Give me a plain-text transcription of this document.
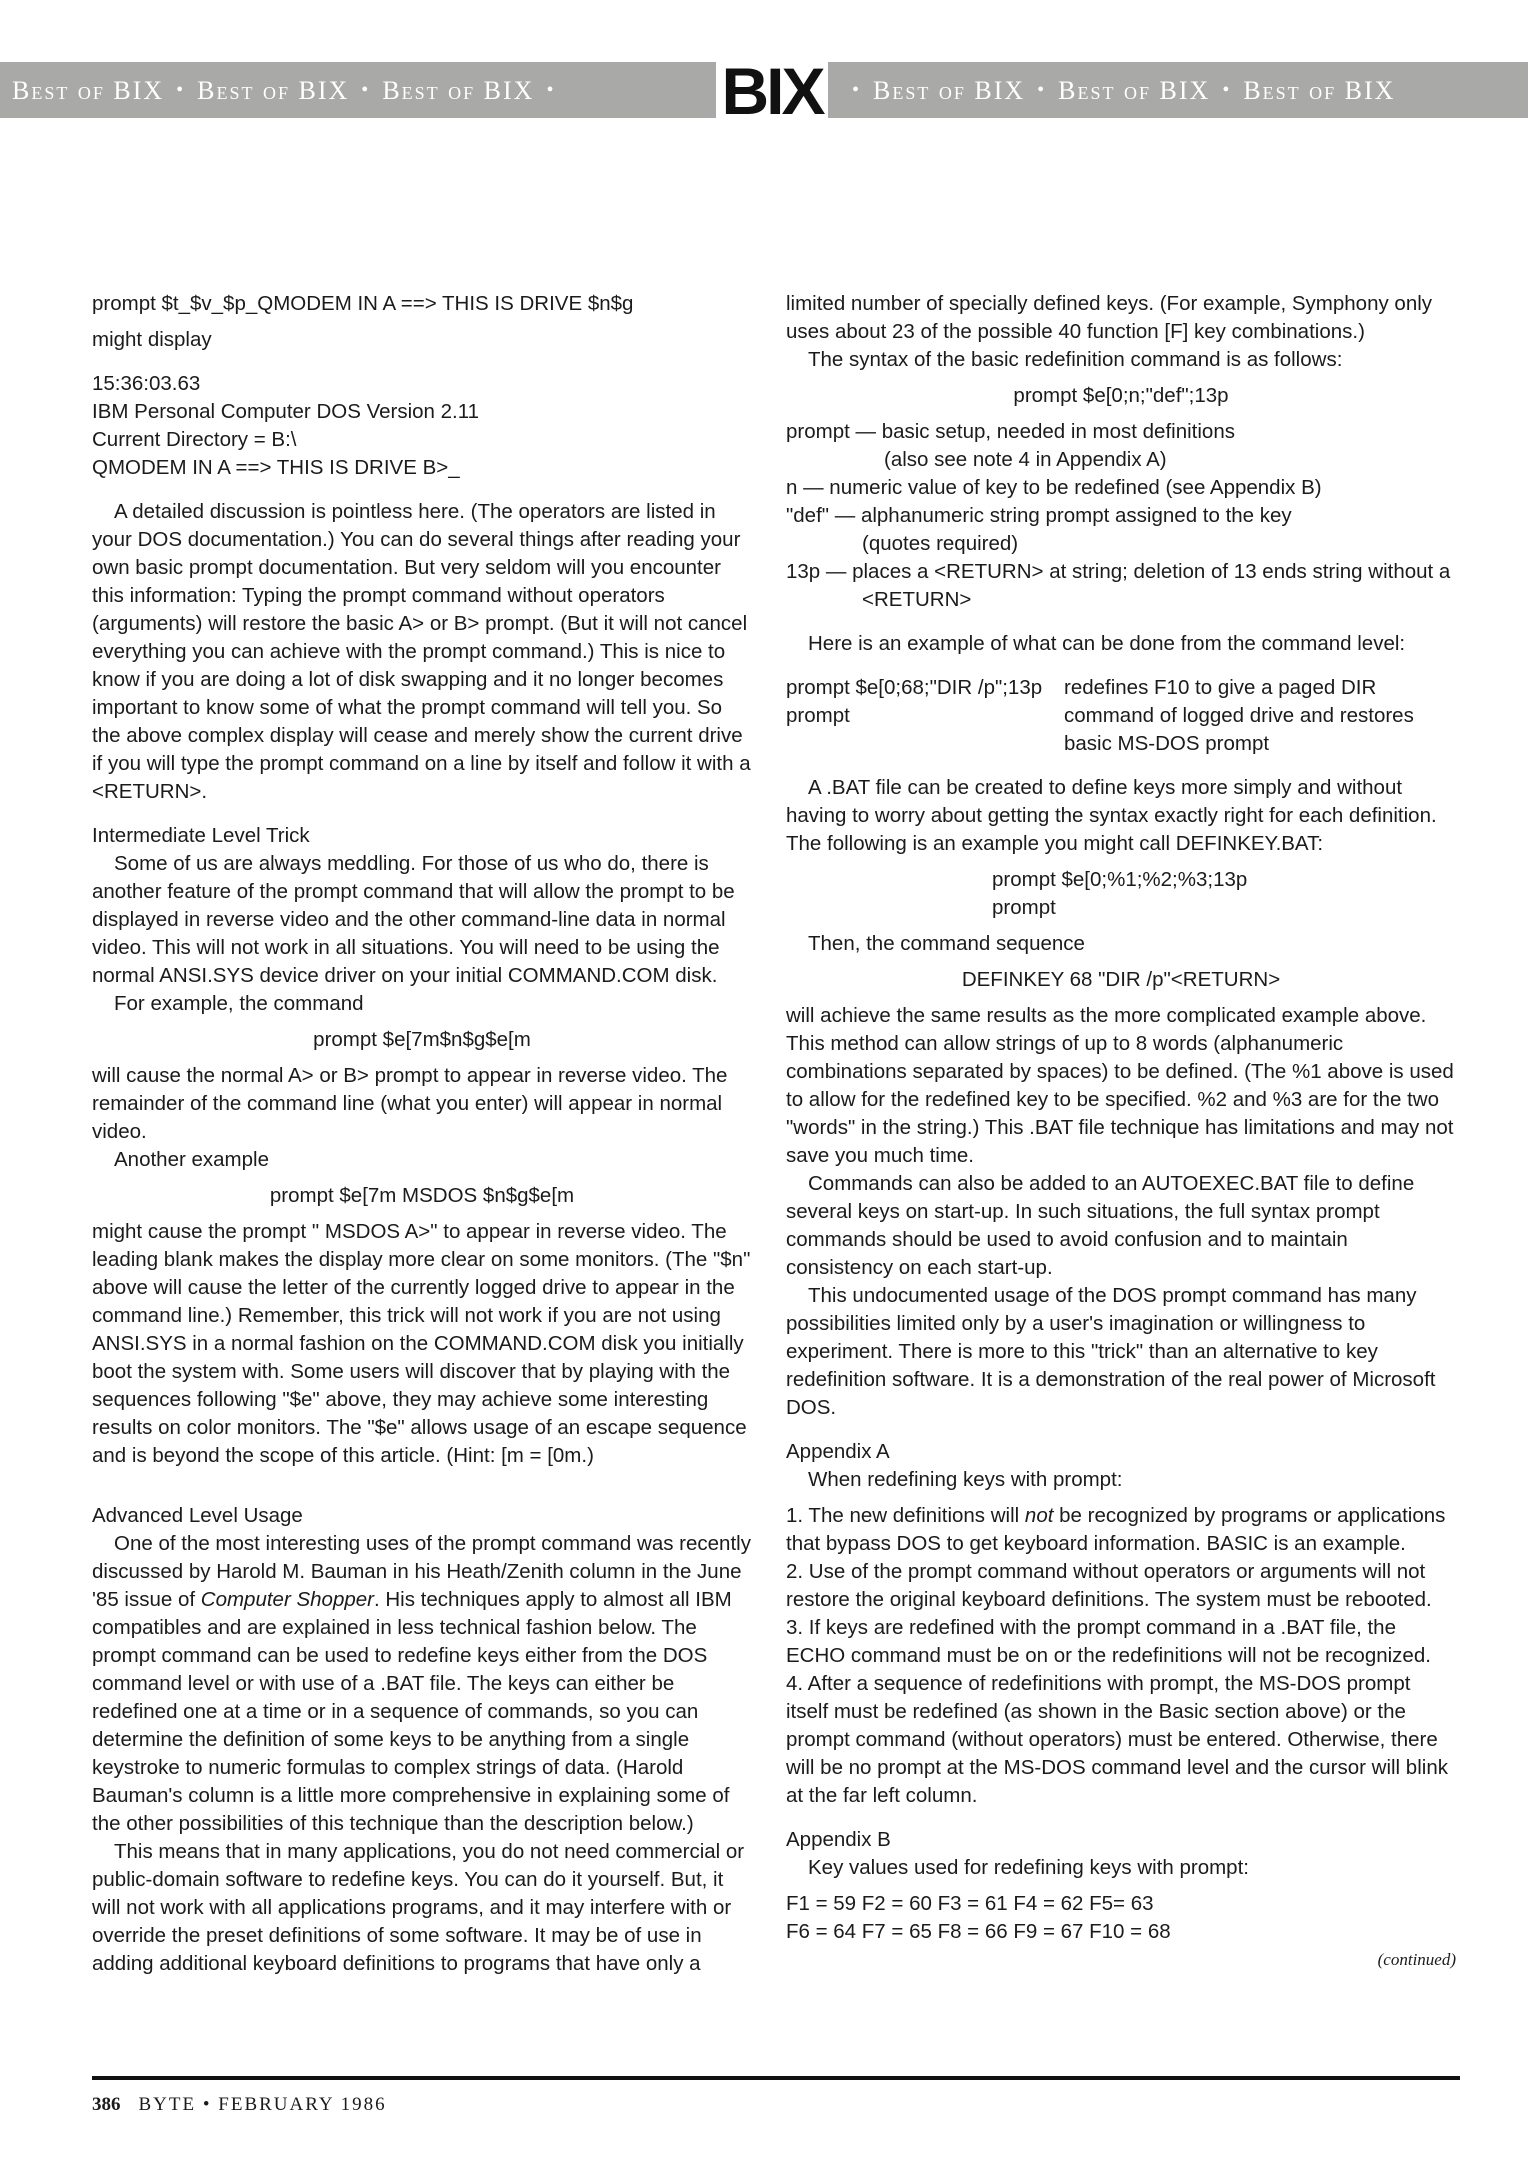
Best of BIX • Best of BIX • Best of BIX •	• Best of BIX • Best of BIX • Best of BIX
BIX

prompt $t_$v_$p_QMODEM IN A ==> THIS IS DRIVE $n$g

might display

15:36:03.63

IBM Personal Computer DOS Version 2.11

Current Directory = B:\

QMODEM IN A ==> THIS IS DRIVE B>_

A detailed discussion is pointless here. (The operators are listed in your DOS documentation.) You can do several things after reading your own basic prompt documentation. But very seldom will you encounter this information: Typing the prompt command without operators (arguments) will restore the basic A> or B> prompt. (But it will not cancel everything you can achieve with the prompt command.) This is nice to know if you are doing a lot of disk swapping and it no longer becomes important to know some of what the prompt command will tell you. So the above complex display will cease and merely show the current drive if you will type the prompt command on a line by itself and follow it with a <RETURN>.

Intermediate Level Trick

Some of us are always meddling. For those of us who do, there is another feature of the prompt command that will allow the prompt to be displayed in reverse video and the other command-line data in normal video. This will not work in all situations. You will need to be using the normal ANSI.SYS device driver on your initial COMMAND.COM disk.

For example, the command

prompt $e[7m$n$g$e[m

will cause the normal A> or B> prompt to appear in reverse video. The remainder of the command line (what you enter) will appear in normal video.

Another example

prompt $e[7m MSDOS $n$g$e[m

might cause the prompt " MSDOS A>" to appear in reverse video. The leading blank makes the display more clear on some monitors. (The "$n" above will cause the letter of the currently logged drive to appear in the command line.) Remember, this trick will not work if you are not using ANSI.SYS in a normal fashion on the COMMAND.COM disk you initially boot the system with. Some users will discover that by playing with the sequences following "$e" above, they may achieve some interesting results on color monitors. The "$e" allows usage of an escape sequence and is beyond the scope of this article. (Hint: [m = [0m.)

Advanced Level Usage

One of the most interesting uses of the prompt command was recently discussed by Harold M. Bauman in his Heath/Zenith column in the June '85 issue of Computer Shopper. His techniques apply to almost all IBM compatibles and are explained in less technical fashion below. The prompt command can be used to redefine keys either from the DOS command level or with use of a .BAT file. The keys can either be redefined one at a time or in a sequence of commands, so you can determine the definition of some keys to be anything from a single keystroke to numeric formulas to complex strings of data. (Harold Bauman's column is a little more comprehensive in explaining some of the other possibilities of this technique than the description below.)

This means that in many applications, you do not need commercial or public-domain software to redefine keys. You can do it yourself. But, it will not work with all applications programs, and it may interfere with or override the preset definitions of some software. It may be of use in adding additional keyboard definitions to programs that have only a

limited number of specially defined keys. (For example, Symphony only uses about 23 of the possible 40 function [F] key combinations.)

The syntax of the basic redefinition command is as follows:

prompt $e[0;n;"def";13p

prompt — basic setup, needed in most definitions

(also see note 4 in Appendix A)

n — numeric value of key to be redefined (see Appendix B)

"def" — alphanumeric string prompt assigned to the key

(quotes required)

13p — places a <RETURN> at string; deletion of 13 ends string without a <RETURN>

Here is an example of what can be done from the command level:

prompt $e[0;68;"DIR /p";13p

prompt

redefines F10 to give a paged DIR command of logged drive and restores basic MS-DOS prompt

A .BAT file can be created to define keys more simply and without having to worry about getting the syntax exactly right for each definition. The following is an example you might call DEFINKEY.BAT:

prompt $e[0;%1;%2;%3;13p

prompt

Then, the command sequence

DEFINKEY 68 "DIR /p"<RETURN>

will achieve the same results as the more complicated example above. This method can allow strings of up to 8 words (alphanumeric combinations separated by spaces) to be defined. (The %1 above is used to allow for the redefined key to be specified. %2 and %3 are for the two "words" in the string.) This .BAT file technique has limitations and may not save you much time.

Commands can also be added to an AUTOEXEC.BAT file to define several keys on start-up. In such situations, the full syntax prompt commands should be used to avoid confusion and to maintain consistency on each start-up.

This undocumented usage of the DOS prompt command has many possibilities limited only by a user's imagination or willingness to experiment. There is more to this "trick" than an alternative to key redefinition software. It is a demonstration of the real power of Microsoft DOS.

Appendix A

When redefining keys with prompt:

1. The new definitions will not be recognized by programs or applications that bypass DOS to get keyboard information. BASIC is an example.

2. Use of the prompt command without operators or arguments will not restore the original keyboard definitions. The system must be rebooted.

3. If keys are redefined with the prompt command in a .BAT file, the ECHO command must be on or the redefinitions will not be recognized.

4. After a sequence of redefinitions with prompt, the MS-DOS prompt itself must be redefined (as shown in the Basic section above) or the prompt command (without operators) must be entered. Otherwise, there will be no prompt at the MS-DOS command level and the cursor will blink at the far left column.

Appendix B

Key values used for redefining keys with prompt:

F1 = 59 F2 = 60 F3 = 61 F4 = 62 F5= 63

F6 = 64 F7 = 65 F8 = 66 F9 = 67 F10 = 68

(continued)

386 BYTE • FEBRUARY 1986
